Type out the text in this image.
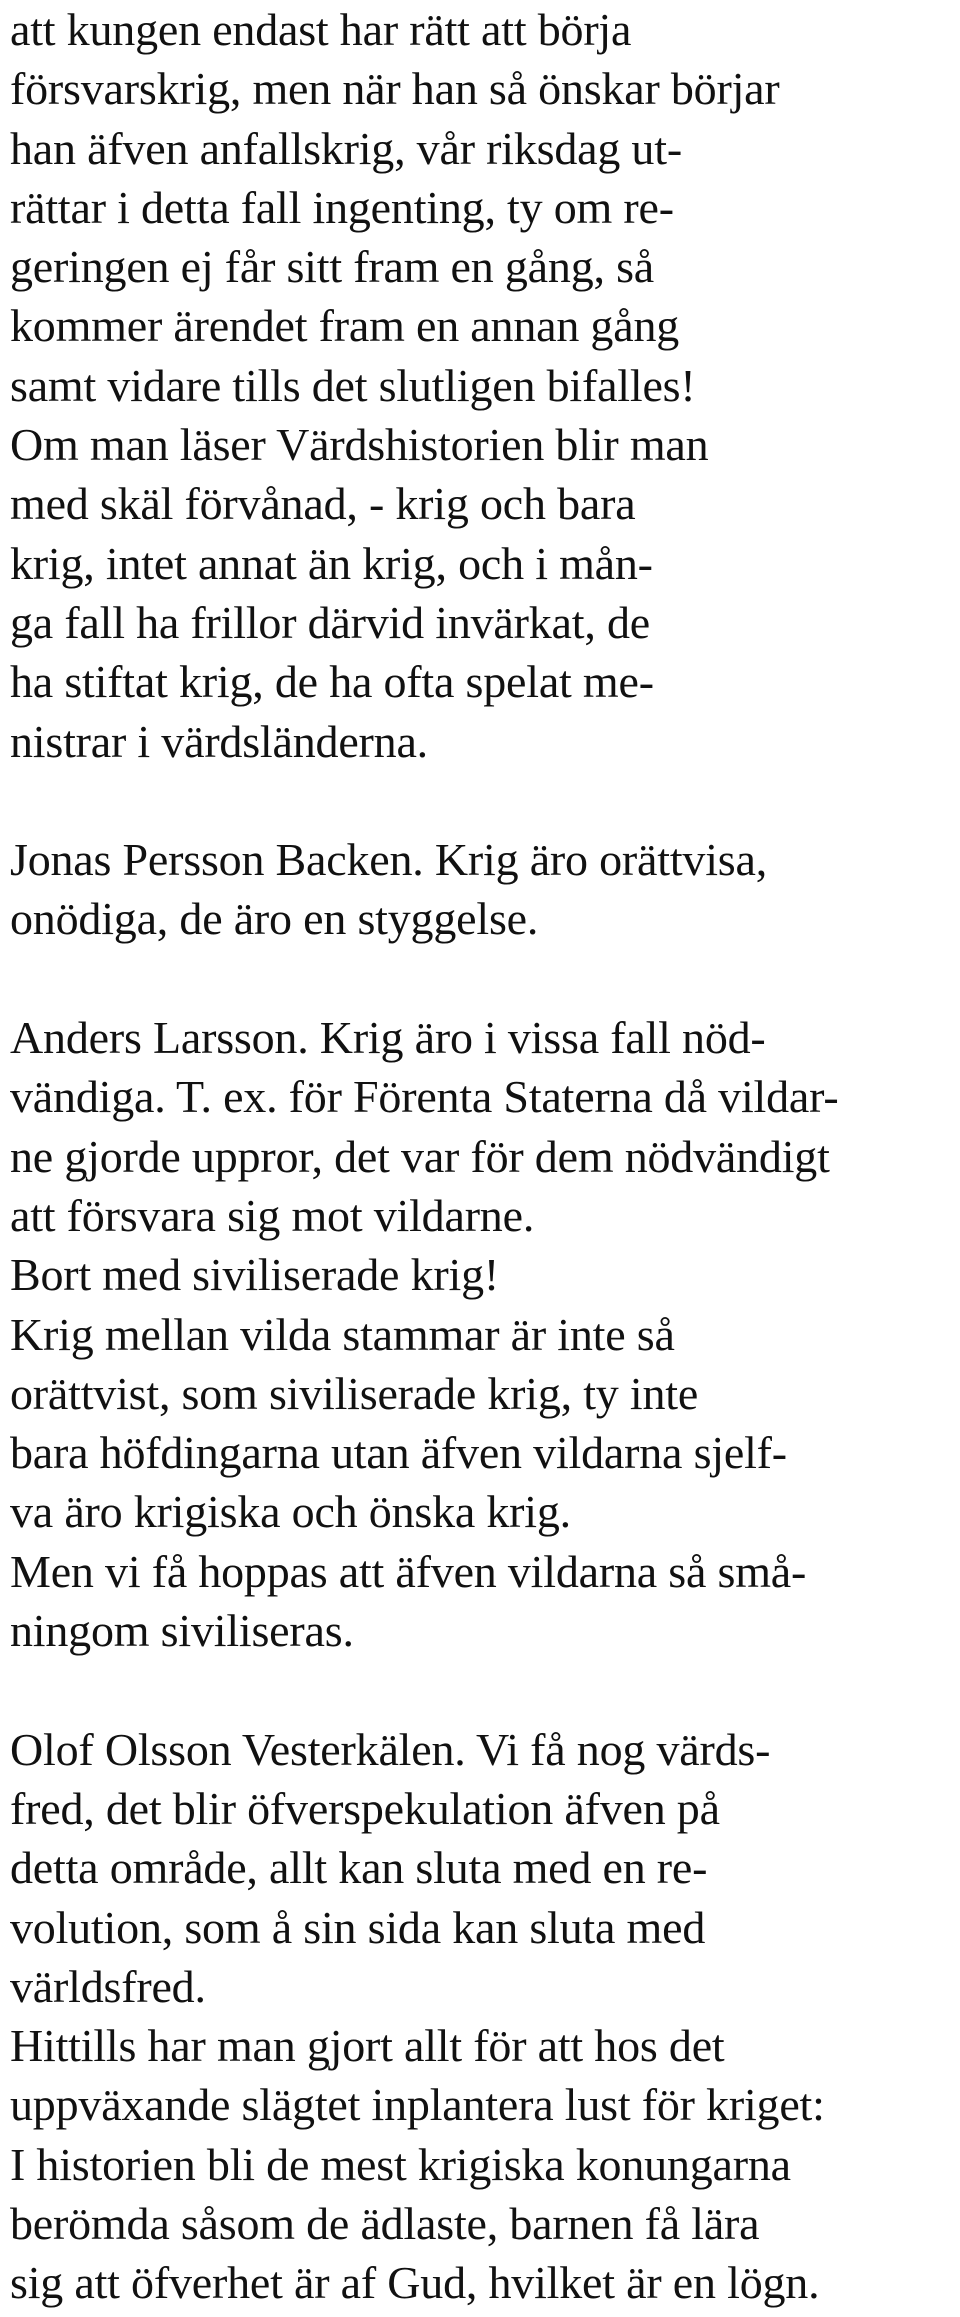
att kungen endast har rätt att börja
försvarskrig, men när han så önskar börjar
han äfven anfallskrig, vår riksdag ut-
rättar i detta fall ingenting, ty om re-
geringen ej får sitt fram en gång, så
kommer ärendet fram en annan gång
samt vidare tills det slutligen bifalles!
Om man läser Värdshistorien blir man
med skäl förvånad, - krig och bara
krig, intet annat än krig, och i mån-
ga fall ha frillor därvid invärkat, de
ha stiftat krig, de ha ofta spelat me-
nistrar i värdsländerna.
Jonas Persson Backen. Krig äro orättvisa,
onödiga, de äro en styggelse.
Anders Larsson. Krig äro i vissa fall nöd-
vändiga. T. ex. för Förenta Staterna då vildar-
ne gjorde uppror, det var för dem nödvändigt
att försvara sig mot vildarne.
Bort med siviliserade krig!
Krig mellan vilda stammar är inte så
orättvist, som siviliserade krig, ty inte
bara höfdingarna utan äfven vildarna sjelf-
va äro krigiska och önska krig.
Men vi få hoppas att äfven vildarna så små-
ningom siviliseras.
Olof Olsson Vesterkälen. Vi få nog värds-
fred, det blir öfverspekulation äfven på
detta område, allt kan sluta med en re-
volution, som å sin sida kan sluta med
världsfred.
Hittills har man gjort allt för att hos det
uppväxande slägtet inplantera lust för kriget:
I historien bli de mest krigiska konungarna
berömda såsom de ädlaste, barnen få lära
sig att öfverhet är af Gud, hvilket är en lögn.
